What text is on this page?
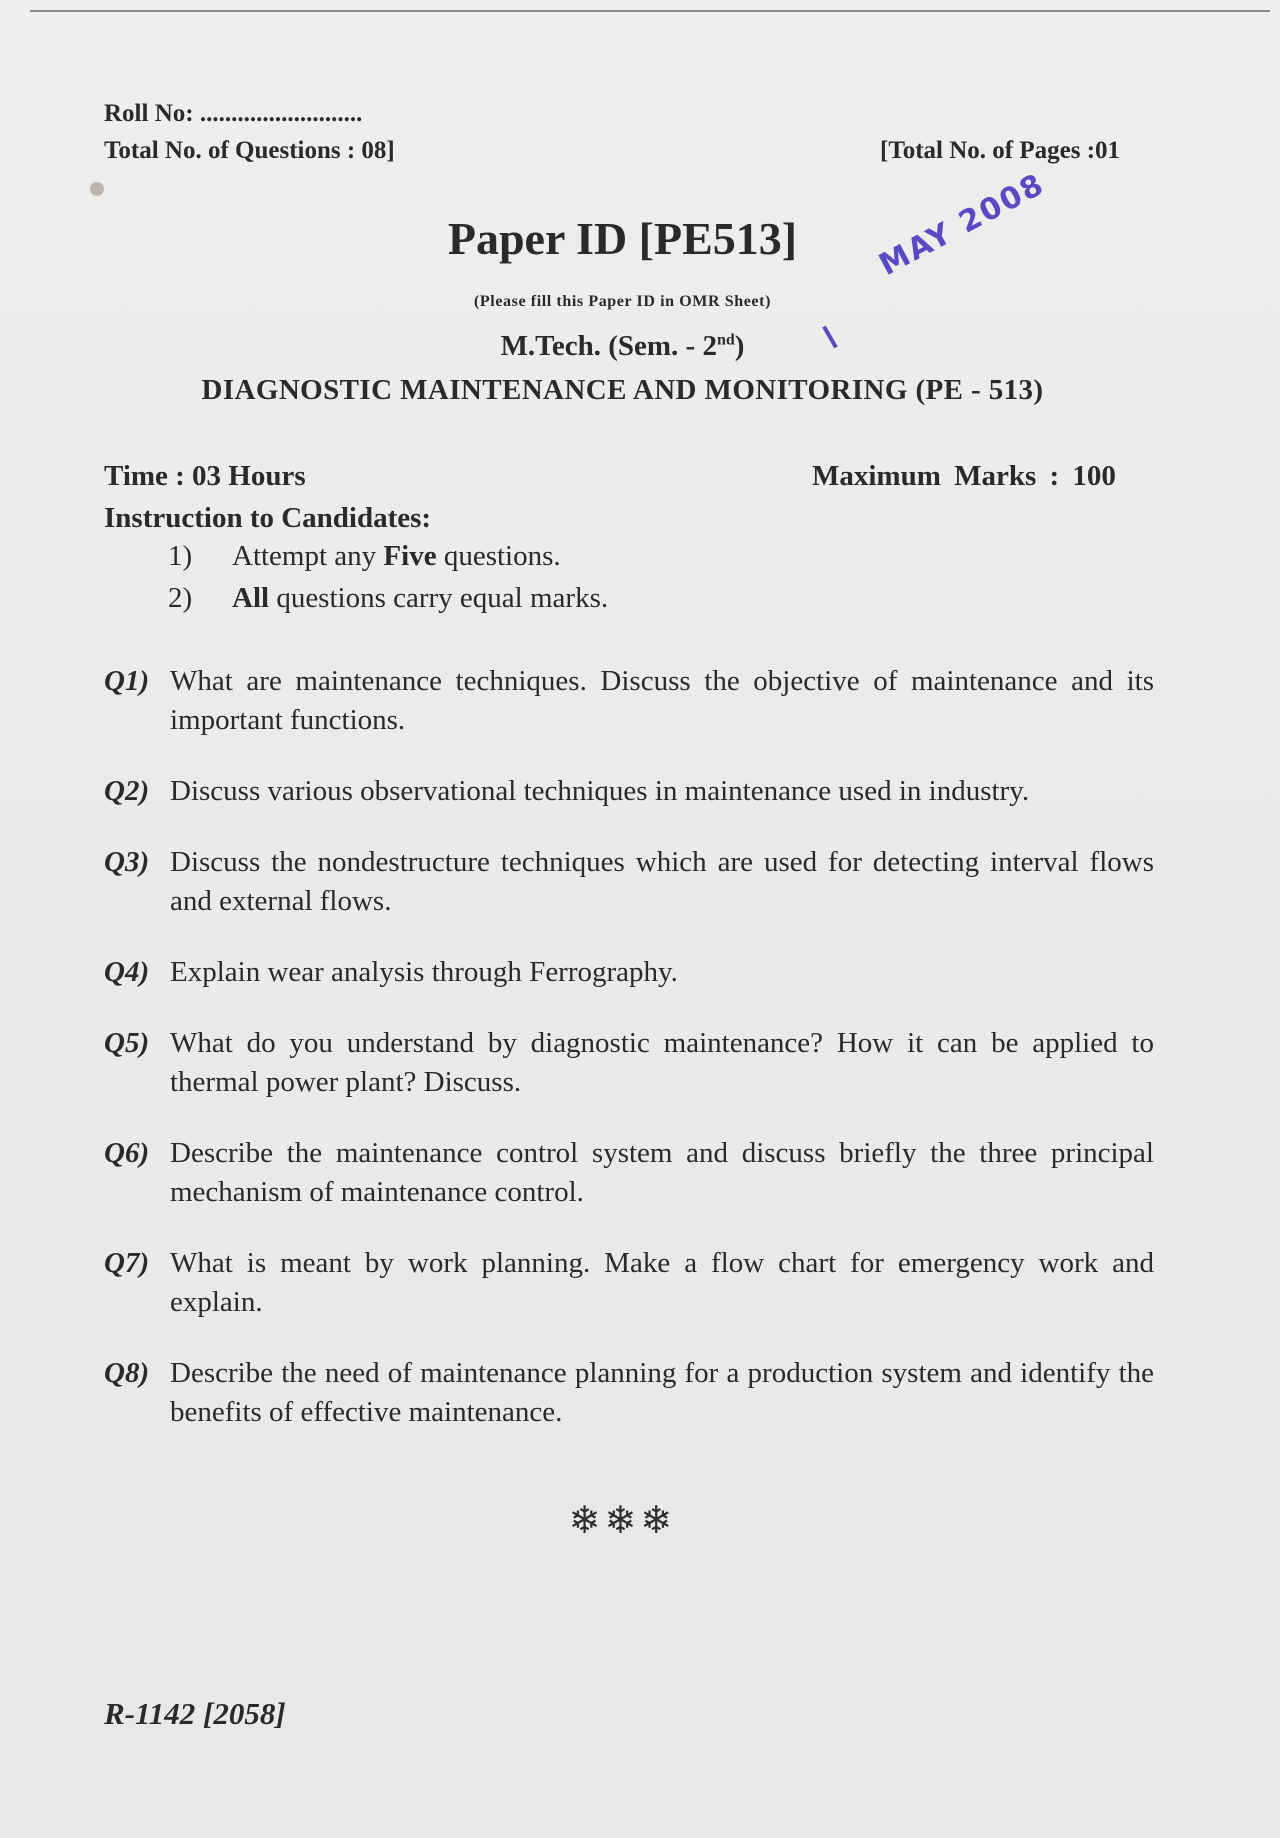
Roll No: ..........................
Total No. of Questions : 08]	[Total No. of Pages :01
Paper ID [PE513]
(Please fill this Paper ID in OMR Sheet)
M.Tech. (Sem. - 2nd)
DIAGNOSTIC MAINTENANCE AND MONITORING (PE - 513)
MAY 2008
Time : 03 Hours	Maximum Marks : 100
Instruction to Candidates:
1)	Attempt any Five questions.
2)	All questions carry equal marks.
Q1) What are maintenance techniques. Discuss the objective of maintenance and its important functions.
Q2) Discuss various observational techniques in maintenance used in industry.
Q3) Discuss the nondestructure techniques which are used for detecting interval flows and external flows.
Q4) Explain wear analysis through Ferrography.
Q5) What do you understand by diagnostic maintenance? How it can be applied to thermal power plant? Discuss.
Q6) Describe the maintenance control system and discuss briefly the three principal mechanism of maintenance control.
Q7) What is meant by work planning. Make a flow chart for emergency work and explain.
Q8) Describe the need of maintenance planning for a production system and identify the benefits of effective maintenance.
❄❄❄
R-1142 [2058]
